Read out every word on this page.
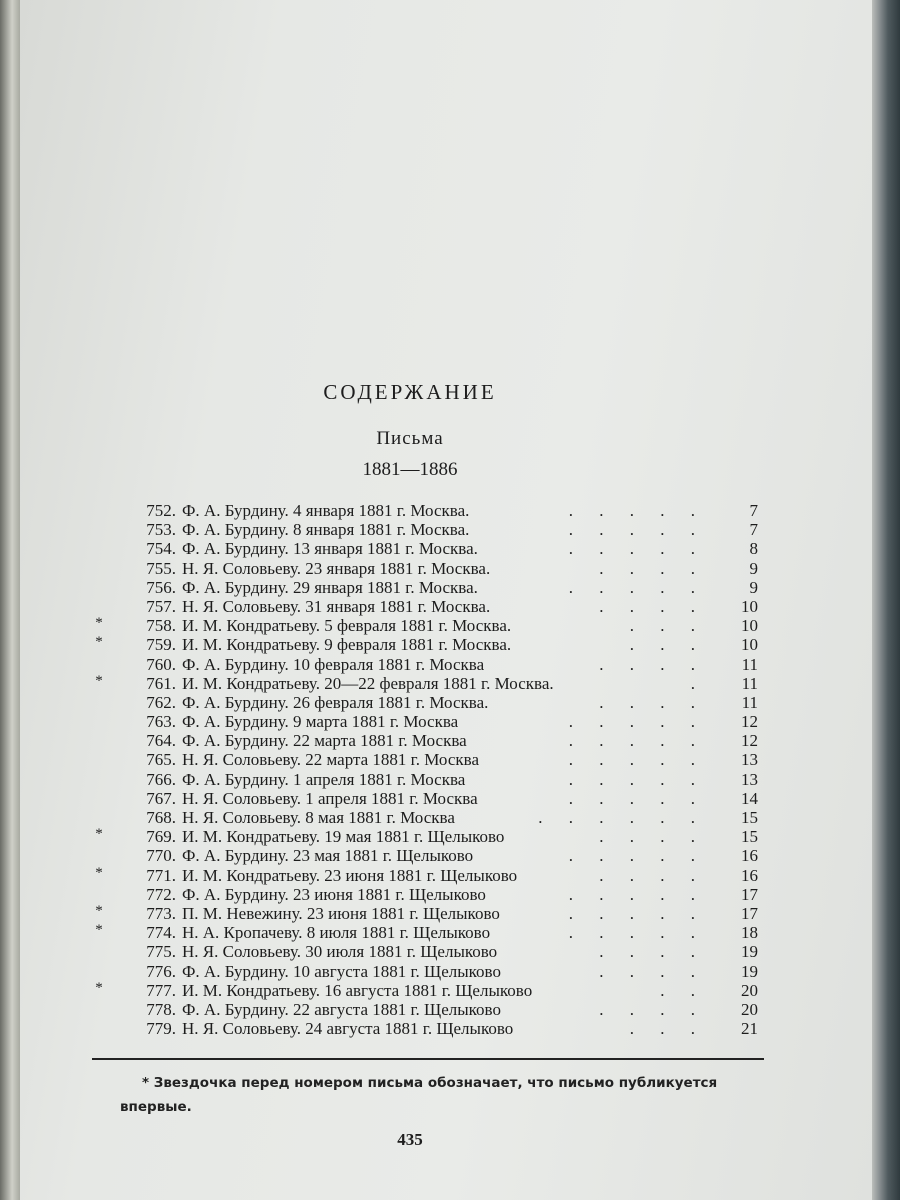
СОДЕРЖАНИЕ
Письма
1881—1886
752. Ф. А. Бурдину. 4 января 1881 г. Москва.	. . . . .	7
753. Ф. А. Бурдину. 8 января 1881 г. Москва.	. . . . .	7
754. Ф. А. Бурдину. 13 января 1881 г. Москва.	. . . . .	8
755. Н. Я. Соловьеву. 23 января 1881 г. Москва.	. . . .	9
756. Ф. А. Бурдину. 29 января 1881 г. Москва.	. . . . .	9
757. Н. Я. Соловьеву. 31 января 1881 г. Москва.	. . . .	10
*	758. И. М. Кондратьеву. 5 февраля 1881 г. Москва.	. . .	10
*	759. И. М. Кондратьеву. 9 февраля 1881 г. Москва.	. . .	10
760. Ф. А. Бурдину. 10 февраля 1881 г. Москва	. . . .	11
*	761. И. М. Кондратьеву. 20—22 февраля 1881 г. Москва.	.	11
762. Ф. А. Бурдину. 26 февраля 1881 г. Москва.	. . . .	11
763. Ф. А. Бурдину. 9 марта 1881 г. Москва	. . . . .	12
764. Ф. А. Бурдину. 22 марта 1881 г. Москва	. . . . .	12
765. Н. Я. Соловьеву. 22 марта 1881 г. Москва	. . . . .	13
766. Ф. А. Бурдину. 1 апреля 1881 г. Москва	. . . . .	13
767. Н. Я. Соловьеву. 1 апреля 1881 г. Москва	. . . . .	14
768. Н. Я. Соловьеву. 8 мая 1881 г. Москва	. . . . . .	15
*	769. И. М. Кондратьеву. 19 мая 1881 г. Щелыково	. . . .	15
770. Ф. А. Бурдину. 23 мая 1881 г. Щелыково	. . . . .	16
*	771. И. М. Кондратьеву. 23 июня 1881 г. Щелыково	. . . .	16
772. Ф. А. Бурдину. 23 июня 1881 г. Щелыково	. . . . .	17
*	773. П. М. Невежину. 23 июня 1881 г. Щелыково	. . . . .	17
*	774. Н. А. Кропачеву. 8 июля 1881 г. Щелыково	. . . . .	18
775. Н. Я. Соловьеву. 30 июля 1881 г. Щелыково	. . . .	19
776. Ф. А. Бурдину. 10 августа 1881 г. Щелыково	. . . .	19
*	777. И. М. Кондратьеву. 16 августа 1881 г. Щелыково	. .	20
778. Ф. А. Бурдину. 22 августа 1881 г. Щелыково	. . . .	20
779. Н. Я. Соловьеву. 24 августа 1881 г. Щелыково	. . .	21
* Звездочка перед номером письма обозначает, что письмо публикуется впервые.
435
